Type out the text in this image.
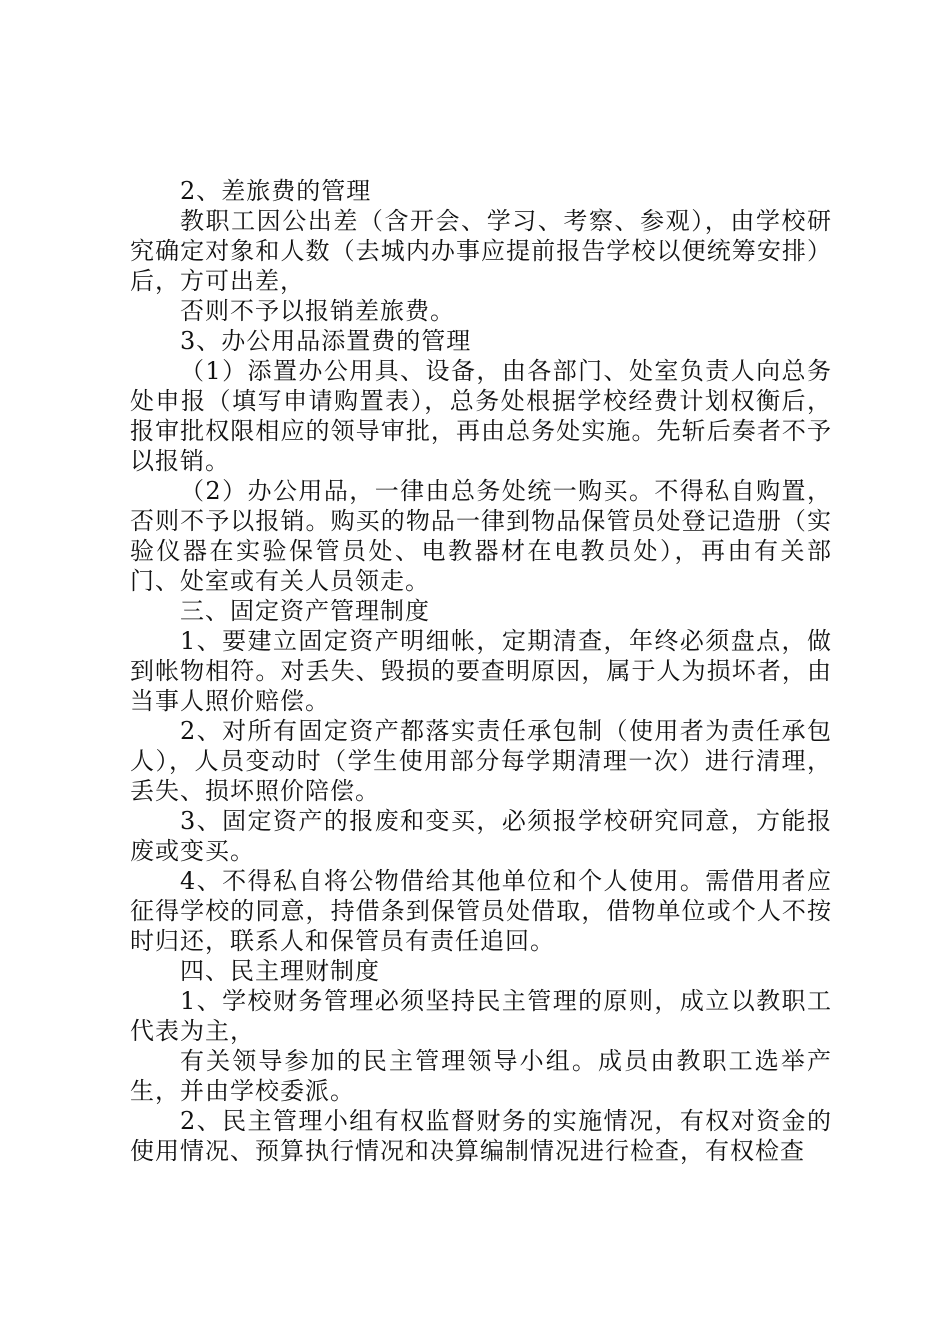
2、差旅费的管理

教职工因公出差（含开会、学习、考察、参观），由学校研究确定对象和人数（去城内办事应提前报告学校以便统筹安排）后，方可出差，

否则不予以报销差旅费。

3、办公用品添置费的管理

（1）添置办公用具、设备，由各部门、处室负责人向总务处申报（填写申请购置表），总务处根据学校经费计划权衡后，报审批权限相应的领导审批，再由总务处实施。先斩后奏者不予以报销。

（2）办公用品，一律由总务处统一购买。不得私自购置，否则不予以报销。购买的物品一律到物品保管员处登记造册（实验仪器在实验保管员处、电教器材在电教员处），再由有关部门、处室或有关人员领走。

三、固定资产管理制度

1、要建立固定资产明细帐，定期清查，年终必须盘点，做到帐物相符。对丢失、毁损的要查明原因，属于人为损坏者，由当事人照价赔偿。

2、对所有固定资产都落实责任承包制（使用者为责任承包人），人员变动时（学生使用部分每学期清理一次）进行清理，丢失、损坏照价陪偿。

3、固定资产的报废和变买，必须报学校研究同意，方能报废或变买。

4、不得私自将公物借给其他单位和个人使用。需借用者应征得学校的同意，持借条到保管员处借取，借物单位或个人不按时归还，联系人和保管员有责任追回。

四、民主理财制度

1、学校财务管理必须坚持民主管理的原则，成立以教职工代表为主，

有关领导参加的民主管理领导小组。成员由教职工选举产生，并由学校委派。

2、民主管理小组有权监督财务的实施情况，有权对资金的使用情况、预算执行情况和决算编制情况进行检查，有权检查
